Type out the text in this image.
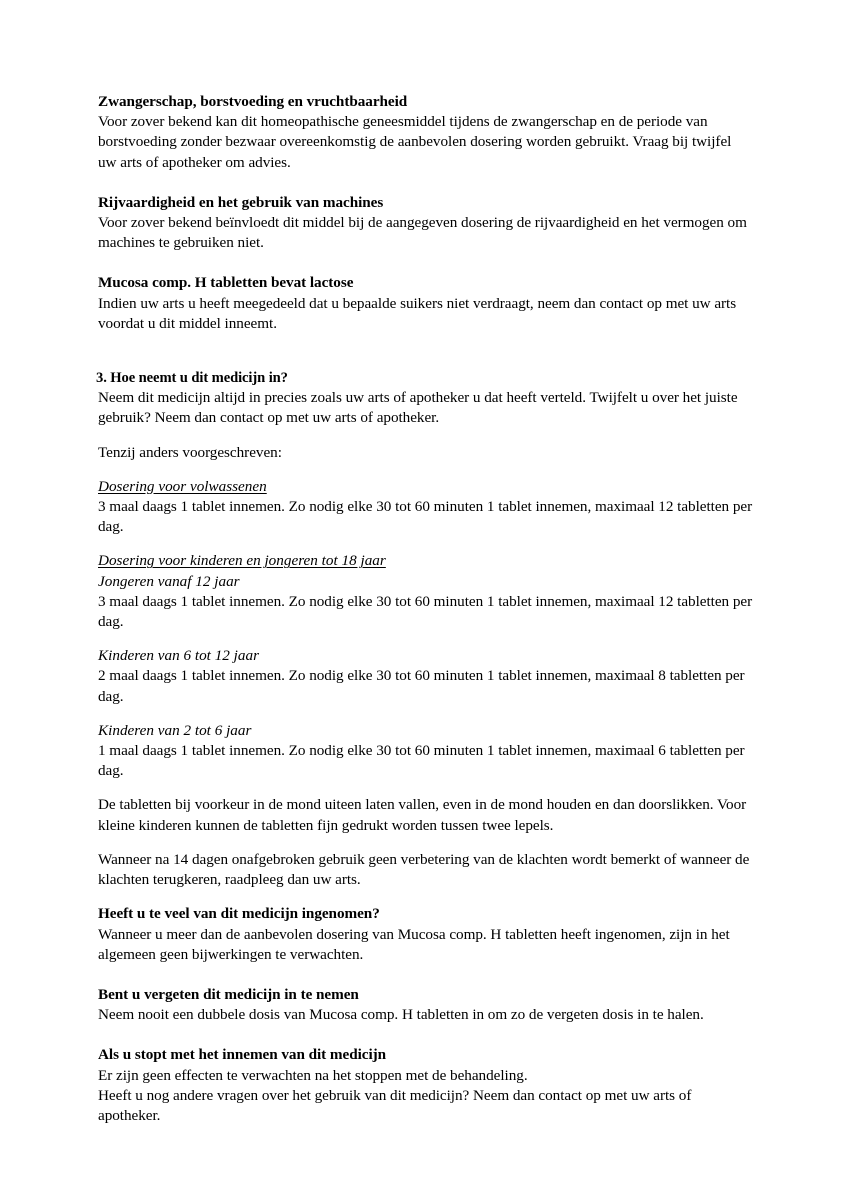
Zwangerschap, borstvoeding en vruchtbaarheid

Voor zover bekend kan dit homeopathische geneesmiddel tijdens de zwangerschap en de periode van borstvoeding zonder bezwaar overeenkomstig de aanbevolen dosering worden gebruikt. Vraag bij twijfel uw arts of apotheker om advies.

Rijvaardigheid en het gebruik van machines

Voor zover bekend beïnvloedt dit middel bij de aangegeven dosering de rijvaardigheid en het vermogen om machines te gebruiken niet.

Mucosa comp. H tabletten bevat lactose

Indien uw arts u heeft meegedeeld dat u bepaalde suikers niet verdraagt, neem dan contact op met uw arts voordat u dit middel inneemt.

3. Hoe neemt u dit medicijn in?

Neem dit medicijn altijd in precies zoals uw arts of apotheker u dat heeft verteld. Twijfelt u over het juiste gebruik? Neem dan contact op met uw arts of apotheker.

Tenzij anders voorgeschreven:

Dosering voor volwassenen

3 maal daags 1 tablet innemen. Zo nodig elke 30 tot 60 minuten 1 tablet innemen, maximaal 12 tabletten per dag.

Dosering voor kinderen en jongeren tot 18 jaar
Jongeren vanaf 12 jaar

3 maal daags 1 tablet innemen. Zo nodig elke 30 tot 60 minuten 1 tablet innemen, maximaal 12 tabletten per dag.

Kinderen van 6 tot 12 jaar

2 maal daags 1 tablet innemen. Zo nodig elke 30 tot 60 minuten 1 tablet innemen, maximaal 8 tabletten per dag.

Kinderen van 2 tot 6 jaar

1 maal daags 1 tablet innemen. Zo nodig elke 30 tot 60 minuten 1 tablet innemen, maximaal 6 tabletten per dag.

De tabletten bij voorkeur in de mond uiteen laten vallen, even in de mond houden en dan doorslikken. Voor kleine kinderen kunnen de tabletten fijn gedrukt worden tussen twee lepels.

Wanneer na 14 dagen onafgebroken gebruik geen verbetering van de klachten wordt bemerkt of wanneer de klachten terugkeren, raadpleeg dan uw arts.

Heeft u te veel van dit medicijn ingenomen?

Wanneer u meer dan de aanbevolen dosering van Mucosa comp. H tabletten heeft ingenomen, zijn in het algemeen geen bijwerkingen te verwachten.

Bent u vergeten dit medicijn in te nemen

Neem nooit een dubbele dosis van Mucosa comp. H tabletten in om zo de vergeten dosis in te halen.

Als u stopt met het innemen van dit medicijn

Er zijn geen effecten te verwachten na het stoppen met de behandeling.

Heeft u nog andere vragen over het gebruik van dit medicijn? Neem dan contact op met uw arts of apotheker.
